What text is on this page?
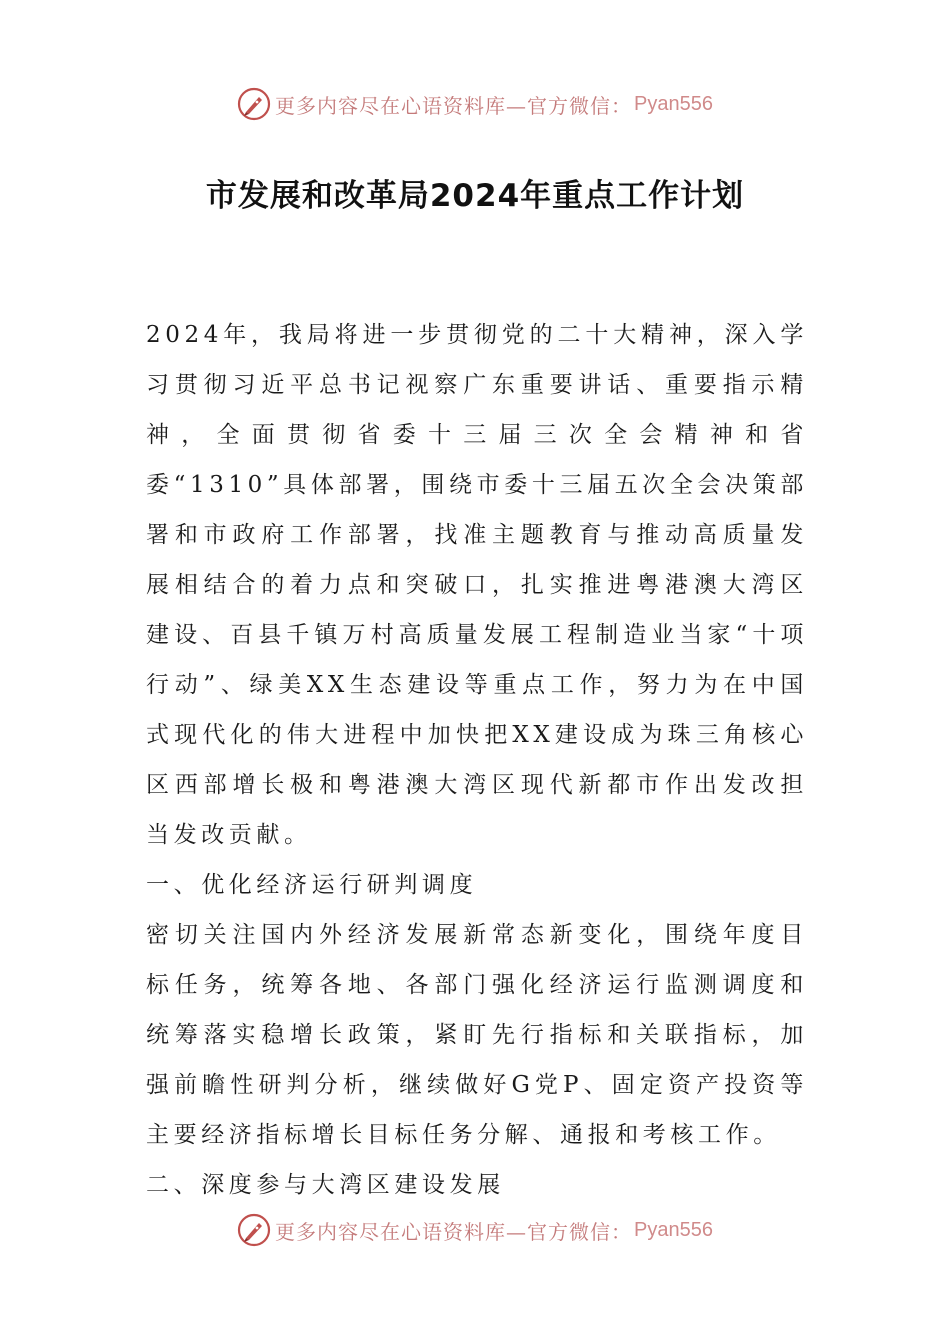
更多内容尽在心语资料库—官方微信： Pyan556
市发展和改革局2024年重点工作计划

2024年，我局将进一步贯彻党的二十大精神，深入学习贯彻习近平总书记视察广东重要讲话、重要指示精神，全面贯彻省委十三届三次全会精神和省委“1310”具体部署，围绕市委十三届五次全会决策部署和市政府工作部署，找准主题教育与推动高质量发展相结合的着力点和突破口，扎实推进粤港澳大湾区建设、百县千镇万村高质量发展工程制造业当家“十项行动”、绿美XX生态建设等重点工作，努力为在中国式现代化的伟大进程中加快把XX建设成为珠三角核心区西部增长极和粤港澳大湾区现代新都市作出发改担当发改贡献。

一、优化经济运行研判调度

密切关注国内外经济发展新常态新变化，围绕年度目标任务，统筹各地、各部门强化经济运行监测调度和统筹落实稳增长政策，紧盯先行指标和关联指标，加强前瞻性研判分析，继续做好G党P、固定资产投资等主要经济指标增长目标任务分解、通报和考核工作。

二、深度参与大湾区建设发展

更多内容尽在心语资料库—官方微信： Pyan556
